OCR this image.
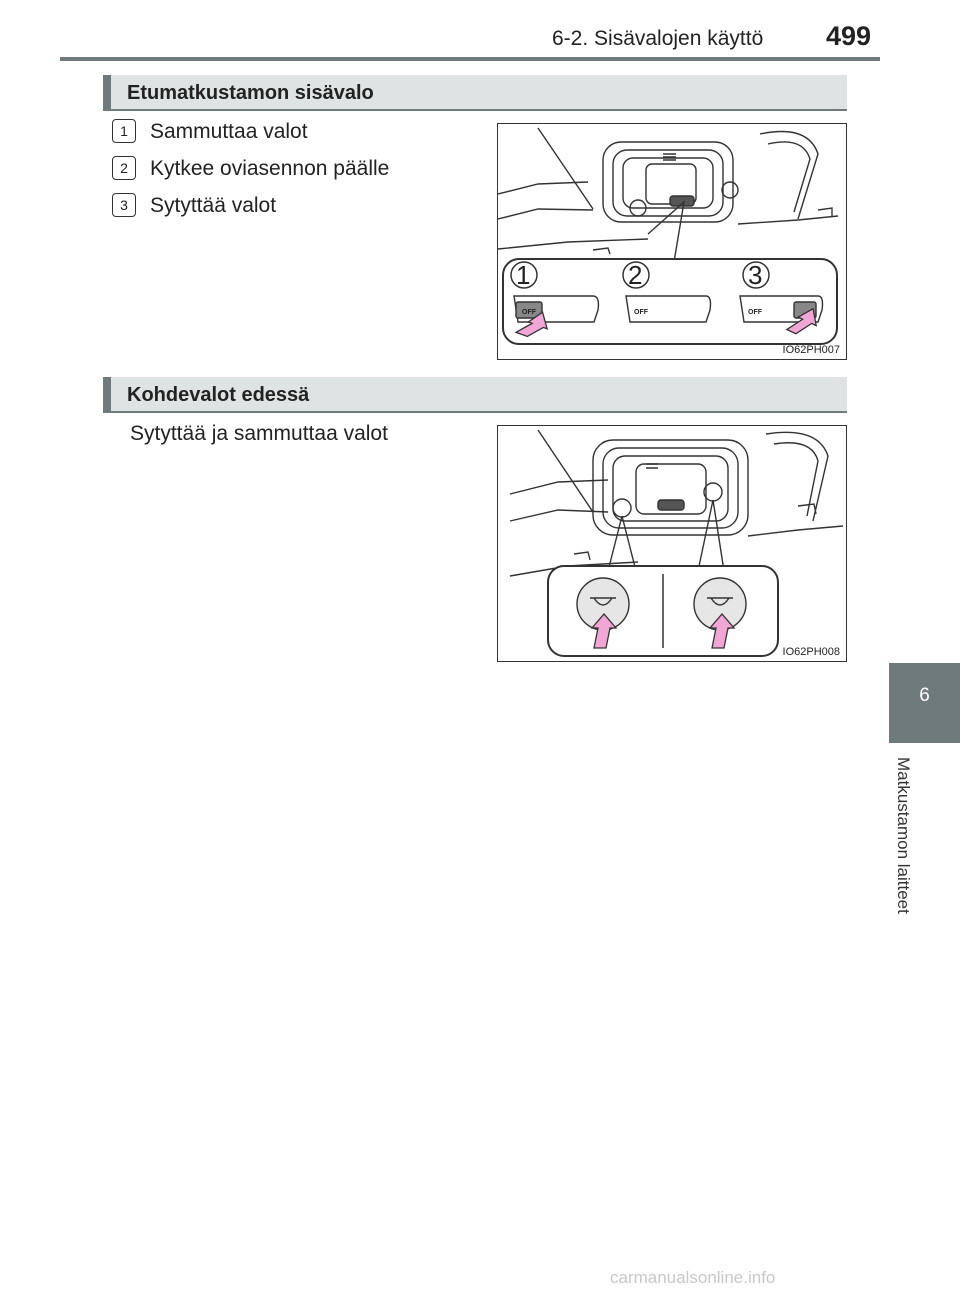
6-2. Sisävalojen käyttö 499
6
Matkustamon laitteet
Etumatkustamon sisävalo
1 Sammuttaa valot
2 Kytkee oviasennon päälle
3 Sytyttää valot
1	2	3
OFF	OFF	OFF
IO62PH007
Kohdevalot edessä
Sytyttää ja sammuttaa valot
IO62PH008
carmanualsonline.info
